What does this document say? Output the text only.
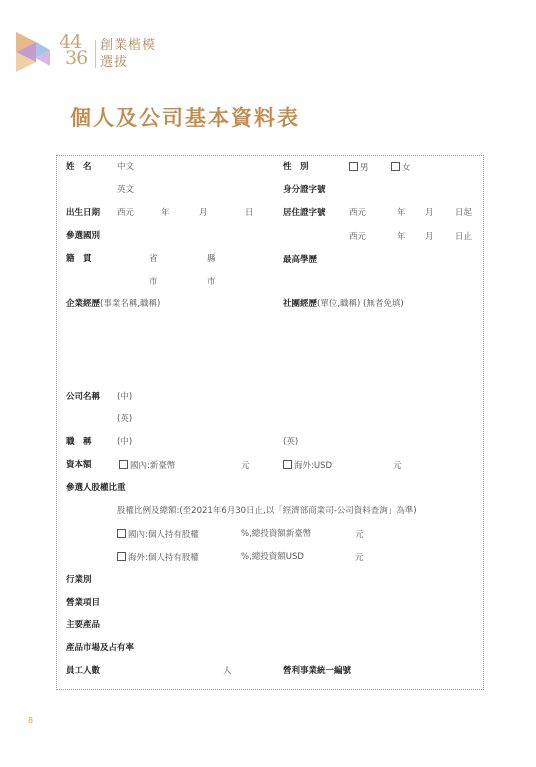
44
36
創業楷模
選拔
個人及公司基本資料表
姓　名	中文	性　別	男	女
英文	身分證字號
出生日期 西元	年	月	日	居住證字號	西元	年 月	日起
參選國別	西元	年 月	日止
籍　貫	省	縣	最高學歷
市	市
企業經歷(事業名稱,職稱)	社團經歷(單位,職稱) (無者免填)
公司名稱 (中)
(英)
職　稱	(中)	(英)
資本額	國內:新臺幣	元	海外:USD	元
參選人股權比重
股權比例及總額:(至2021年6月30日止,以「經濟部商業司-公司資料查詢」為準)
國內:個人持有股權	%,總投資額新臺幣	元
海外:個人持有股權	%,總投資額USD	元
行業別
營業項目
主要產品
產品市場及占有率
員工人數	人	營利事業統一編號
8
